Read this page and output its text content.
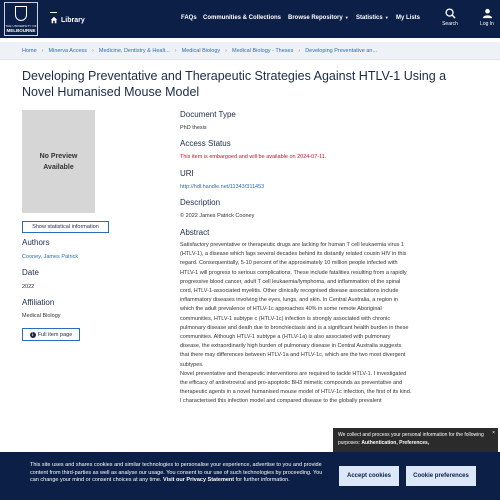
THE UNIVERSITY OF
MELBOURNE
Library	FAQs Communities & Collections Browse Repository ▼ Statistics ▼ My Lists
Search	Log In
Home › Minerva Access › Medicine, Dentistry & Healt... › Medical Biology › Medical Biology - Theses › Developing Preventative an...
Developing Preventative and Therapeutic Strategies Against HTLV-1 Using a Novel Humanised Mouse Model
No Preview
Available
Show statistical information
Authors
Cooney, James Patrick
Date
2022
Affiliation
Medical Biology
i Full item page
Document Type
PhD thesis
Access Status
This item is embargoed and will be available on 2024-07-11.
URI
http://hdl.handle.net/11343/311453
Description
© 2022 James Patrick Cooney
Abstract

Satisfactory preventative or therapeutic drugs are lacking for human T cell leukaemia virus 1 (HTLV-1), a disease which lags several decades behind its distantly related cousin HIV in this regard. Consequentially, 5-10 percent of the approximately 10 million people infected with HTLV-1 will progress to serious complications. These include fatalities resulting from a rapidly progressive blood cancer, adult T cell leukaemia/lymphoma, and inflammation of the spinal cord, HTLV-1-associated myelitis. Other clinically recognised disease associations include inflammatory diseases involving the eyes, lungs, and skin. In Central Australia, a region in which the adult prevalence of HTLV-1c approaches 40% in some remote Aboriginal communities, HTLV-1 subtype c (HTLV-1c) infection is strongly associated with chronic pulmonary disease and death due to bronchiectasis and is a significant health burden in these communities. Although HTLV-1 subtype a (HTLV-1a) is also associated with pulmonary disease, the extraordinarily high burden of pulmonary disease in Central Australia suggests that there may differences between HTLV-1a and HTLV-1c, which are the two most divergent subtypes.

Novel preventative and therapeutic interventions are required to tackle HTLV-1. I investigated the efficacy of antiretroviral and pro-apoptotic BH3 mimetic compounds as preventative and therapeutic agents in a novel humanised mouse model of HTLV-1c infection, the first of its kind. I characterised this infection model and compared disease to the globally prevalent

×
We collect and process your personal information for the following purposes: Authentication, Preferences,
This site uses and shares cookies and similar technologies to personalise your experience, advertise to you and provide content from third-parties as well as analyse our usage. You consent to our use of such technologies by proceeding. You can change your mind or consent choices at any time. Visit our Privacy Statement for further information.
Accept cookies	Cookie preferences
